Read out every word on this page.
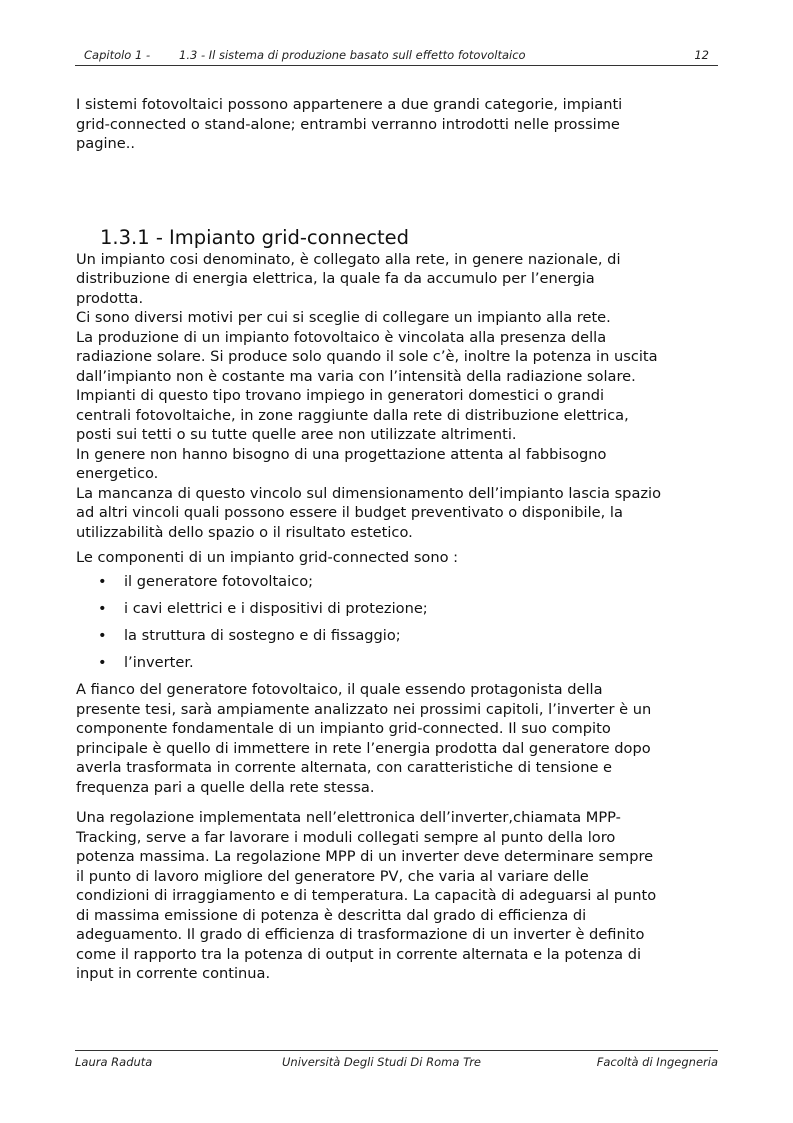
Capitolo 1 -	1.3 - Il sistema di produzione basato sull effetto fotovoltaico	12

I sistemi fotovoltaici possono appartenere a due grandi categorie, impianti
grid-connected o stand-alone; entrambi verranno introdotti nelle prossime
pagine..

1.3.1 - Impianto grid-connected

Un impianto cosi denominato, è collegato alla rete, in genere nazionale, di
distribuzione di energia elettrica, la quale fa da accumulo per l’energia
prodotta.
Ci sono diversi motivi per cui si sceglie di collegare un impianto alla rete.
La produzione di un impianto fotovoltaico è vincolata alla presenza della
radiazione solare. Si produce solo quando il sole c’è, inoltre la potenza in uscita
dall’impianto non è costante ma varia con l’intensità della radiazione solare.
Impianti di questo tipo trovano impiego in generatori domestici o grandi
centrali fotovoltaiche, in zone raggiunte dalla rete di distribuzione elettrica,
posti sui tetti o su tutte quelle aree non utilizzate altrimenti.
In genere non hanno bisogno di una progettazione attenta al fabbisogno
energetico.
La mancanza di questo vincolo sul dimensionamento dell’impianto lascia spazio
ad altri vincoli quali possono essere il budget preventivato o disponibile, la
utilizzabilità dello spazio o il risultato estetico.

Le componenti di un impianto grid-connected sono :

• il generatore fotovoltaico;
• i cavi elettrici e i dispositivi di protezione;
• la struttura di sostegno e di fissaggio;
• l’inverter.

A fianco del generatore fotovoltaico, il quale essendo protagonista della
presente tesi, sarà ampiamente analizzato nei prossimi capitoli, l’inverter è un
componente fondamentale di un impianto grid-connected. Il suo compito
principale è quello di immettere in rete l’energia prodotta dal generatore dopo
averla trasformata in corrente alternata, con caratteristiche di tensione e
frequenza pari a quelle della rete stessa.

Una regolazione implementata nell’elettronica dell’inverter,chiamata MPP-
Tracking, serve a far lavorare i moduli collegati sempre al punto della loro
potenza massima. La regolazione MPP di un inverter deve determinare sempre
il punto di lavoro migliore del generatore PV, che varia al variare delle
condizioni di irraggiamento e di temperatura. La capacità di adeguarsi al punto
di massima emissione di potenza è descritta dal grado di efficienza di
adeguamento. Il grado di efficienza di trasformazione di un inverter è definito
come il rapporto tra la potenza di output in corrente alternata e la potenza di
input in corrente continua.

Laura Raduta	Università Degli Studi Di Roma Tre	Facoltà di Ingegneria
